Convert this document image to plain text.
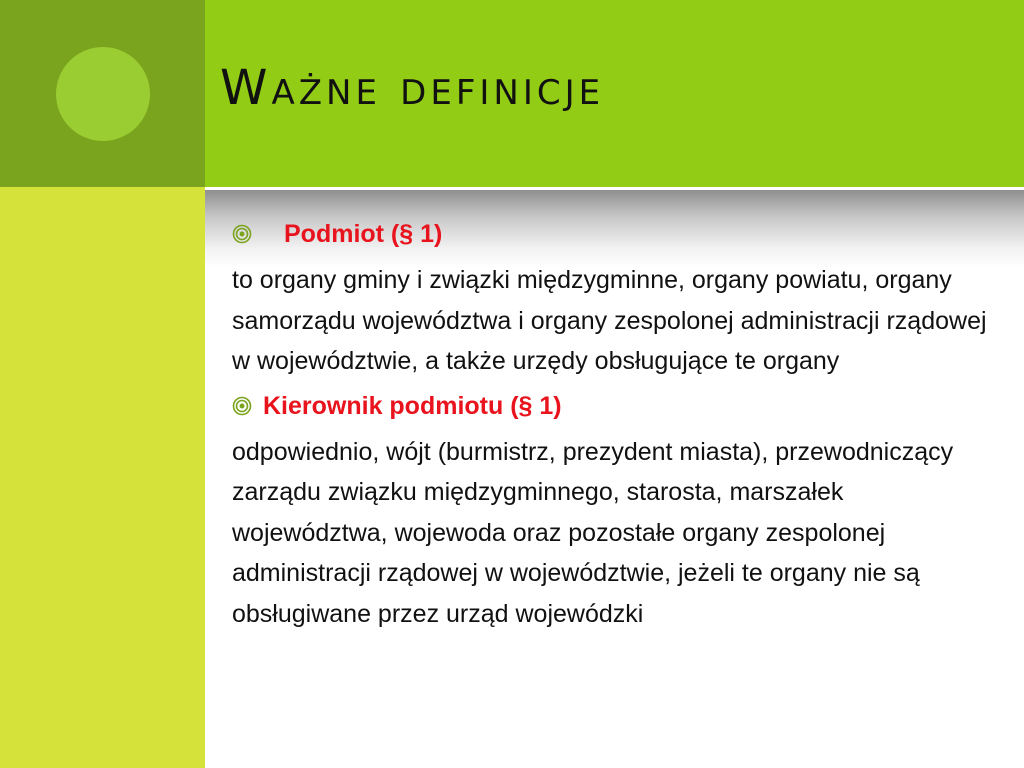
Ważne definicje
Podmiot (§ 1)

to organy gminy i związki międzygminne, organy powiatu, organy samorządu województwa i organy zespolonej administracji rządowej w województwie, a także urzędy obsługujące te organy

Kierownik podmiotu (§ 1)

odpowiednio, wójt (burmistrz, prezydent miasta), przewodniczący zarządu związku międzygminnego, starosta, marszałek województwa, wojewoda oraz pozostałe organy zespolonej administracji rządowej w województwie, jeżeli te organy nie są obsługiwane przez urząd wojewódzki
